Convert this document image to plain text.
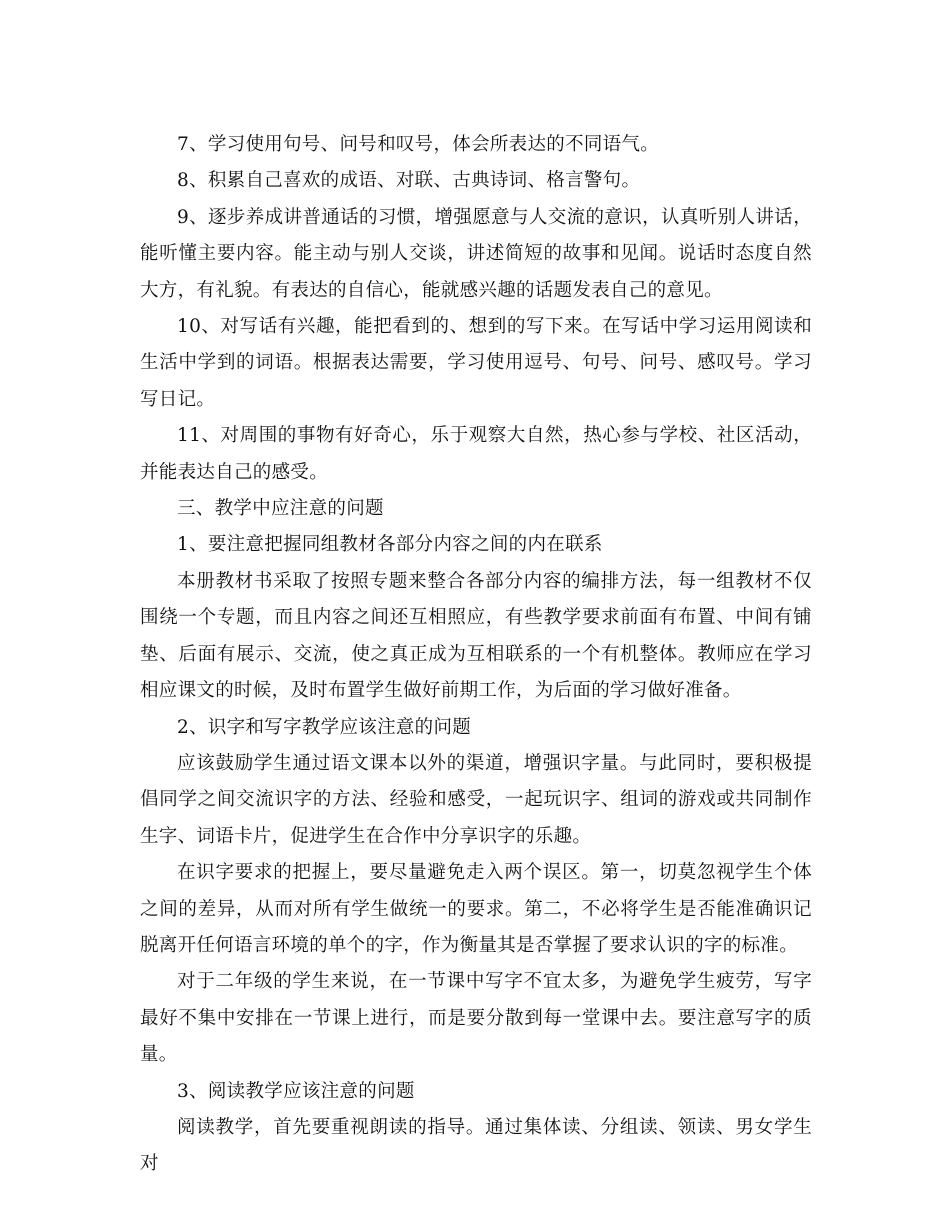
7、学习使用句号、问号和叹号，体会所表达的不同语气。

8、积累自己喜欢的成语、对联、古典诗词、格言警句。

9、逐步养成讲普通话的习惯，增强愿意与人交流的意识，认真听别人讲话，能听懂主要内容。能主动与别人交谈，讲述简短的故事和见闻。说话时态度自然大方，有礼貌。有表达的自信心，能就感兴趣的话题发表自己的意见。

10、对写话有兴趣，能把看到的、想到的写下来。在写话中学习运用阅读和生活中学到的词语。根据表达需要，学习使用逗号、句号、问号、感叹号。学习写日记。

11、对周围的事物有好奇心，乐于观察大自然，热心参与学校、社区活动，并能表达自己的感受。

三、教学中应注意的问题

1、要注意把握同组教材各部分内容之间的内在联系

本册教材书采取了按照专题来整合各部分内容的编排方法，每一组教材不仅围绕一个专题，而且内容之间还互相照应，有些教学要求前面有布置、中间有铺垫、后面有展示、交流，使之真正成为互相联系的一个有机整体。教师应在学习相应课文的时候，及时布置学生做好前期工作，为后面的学习做好准备。

2、识字和写字教学应该注意的问题

应该鼓励学生通过语文课本以外的渠道，增强识字量。与此同时，要积极提倡同学之间交流识字的方法、经验和感受，一起玩识字、组词的游戏或共同制作生字、词语卡片，促进学生在合作中分享识字的乐趣。

在识字要求的把握上，要尽量避免走入两个误区。第一，切莫忽视学生个体之间的差异，从而对所有学生做统一的要求。第二，不必将学生是否能准确识记脱离开任何语言环境的单个的字，作为衡量其是否掌握了要求认识的字的标准。

对于二年级的学生来说，在一节课中写字不宜太多，为避免学生疲劳，写字最好不集中安排在一节课上进行，而是要分散到每一堂课中去。要注意写字的质量。

3、阅读教学应该注意的问题

阅读教学，首先要重视朗读的指导。通过集体读、分组读、领读、男女学生对
